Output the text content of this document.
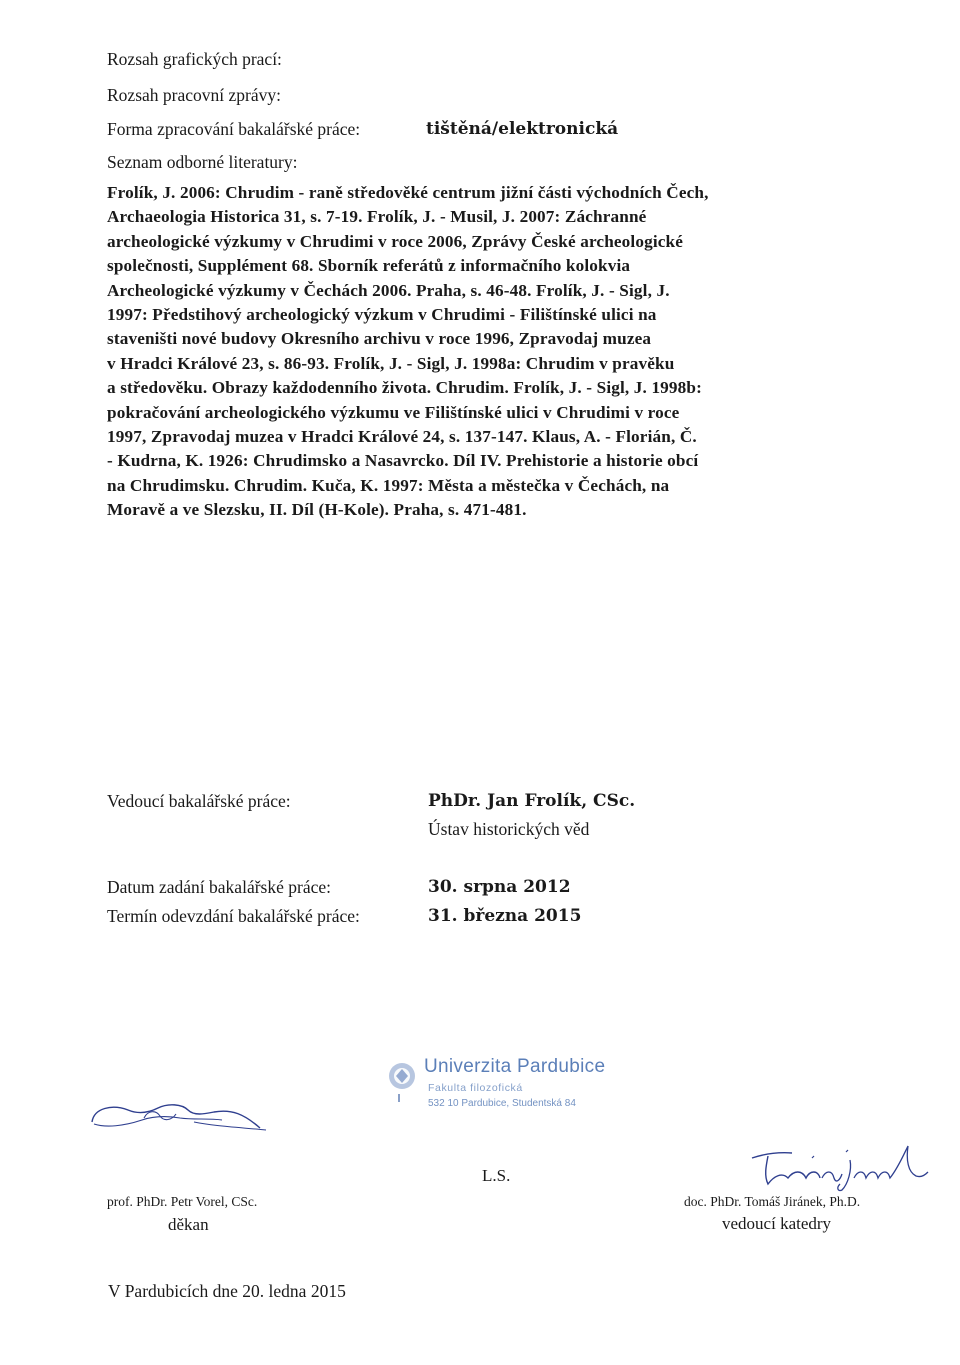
Rozsah grafických prací:
Rozsah pracovní zprávy:
Forma zpracování bakalářské práce:	tištěná/elektronická
Seznam odborné literatury:
Frolík, J. 2006: Chrudim - raně středověké centrum jižní části východních Čech,
Archaeologia Historica 31, s. 7-19. Frolík, J. - Musil, J. 2007: Záchranné
archeologické výzkumy v Chrudimi v roce 2006, Zprávy České archeologické
společnosti, Supplément 68. Sborník referátů z informačního kolokvia
Archeologické výzkumy v Čechách 2006. Praha, s. 46-48. Frolík, J. - Sigl, J.
1997: Předstihový archeologický výzkum v Chrudimi - Filištínské ulici na
staveništi nové budovy Okresního archivu v roce 1996, Zpravodaj muzea
v Hradci Králové 23, s. 86-93. Frolík, J. - Sigl, J. 1998a: Chrudim v pravěku
a středověku. Obrazy každodenního života. Chrudim. Frolík, J. - Sigl, J. 1998b:
pokračování archeologického výzkumu ve Filištínské ulici v Chrudimi v roce
1997, Zpravodaj muzea v Hradci Králové 24, s. 137-147. Klaus, A. - Florián, Č.
- Kudrna, K. 1926: Chrudimsko a Nasavrcko. Díl IV. Prehistorie a historie obcí
na Chrudimsku. Chrudim. Kuča, K. 1997: Města a městečka v Čechách, na
Moravě a ve Slezsku, II. Díl (H-Kole). Praha, s. 471-481.
Vedoucí bakalářské práce:	PhDr. Jan Frolík, CSc.
Ústav historických věd
Datum zadání bakalářské práce:	30. srpna 2012
Termín odevzdání bakalářské práce:	31. března 2015
Univerzita Pardubice
Fakulta filozofická
532 10 Pardubice, Studentská 84
L.S.
prof. PhDr. Petr Vorel, CSc.
děkan
doc. PhDr. Tomáš Jiránek, Ph.D.
vedoucí katedry
V Pardubicích dne 20. ledna 2015
